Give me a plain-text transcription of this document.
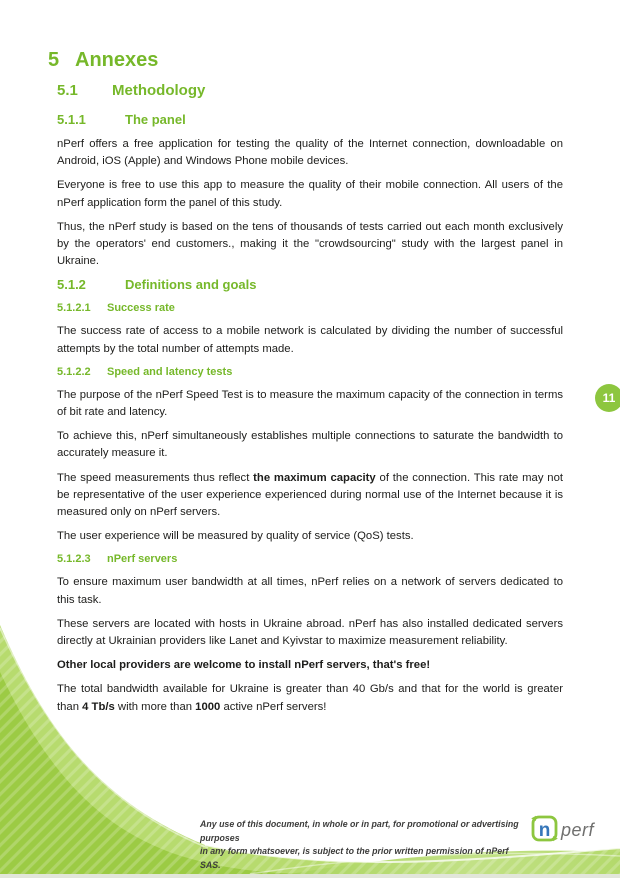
5 Annexes
5.1 Methodology
5.1.1	The panel

nPerf offers a free application for testing the quality of the Internet connection, downloadable on Android, iOS (Apple) and Windows Phone mobile devices.

Everyone is free to use this app to measure the quality of their mobile connection. All users of the nPerf application form the panel of this study.

Thus, the nPerf study is based on the tens of thousands of tests carried out each month exclusively by the operators' end customers., making it the "crowdsourcing" study with the largest panel in Ukraine.

5.1.2	Definitions and goals
5.1.2.1 Success rate

The success rate of access to a mobile network is calculated by dividing the number of successful attempts by the total number of attempts made.

5.1.2.2 Speed and latency tests

The purpose of the nPerf Speed Test is to measure the maximum capacity of the connection in terms of bit rate and latency.

To achieve this, nPerf simultaneously establishes multiple connections to saturate the bandwidth to accurately measure it.

The speed measurements thus reflect the maximum capacity of the connection. This rate may not be representative of the user experience experienced during normal use of the Internet because it is measured only on nPerf servers.

The user experience will be measured by quality of service (QoS) tests.

5.1.2.3 nPerf servers

To ensure maximum user bandwidth at all times, nPerf relies on a network of servers dedicated to this task.

These servers are located with hosts in Ukraine abroad. nPerf has also installed dedicated servers directly at Ukrainian providers like Lanet and Kyivstar to maximize measurement reliability.

Other local providers are welcome to install nPerf servers, that's free!

The total bandwidth available for Ukraine is greater than 40 Gb/s and that for the world is greater than 4 Tb/s with more than 1000 active nPerf servers!

11
Any use of this document, in whole or in part, for promotional or advertising purposes
in any form whatsoever, is subject to the prior written permission of nPerf SAS.
n perf
